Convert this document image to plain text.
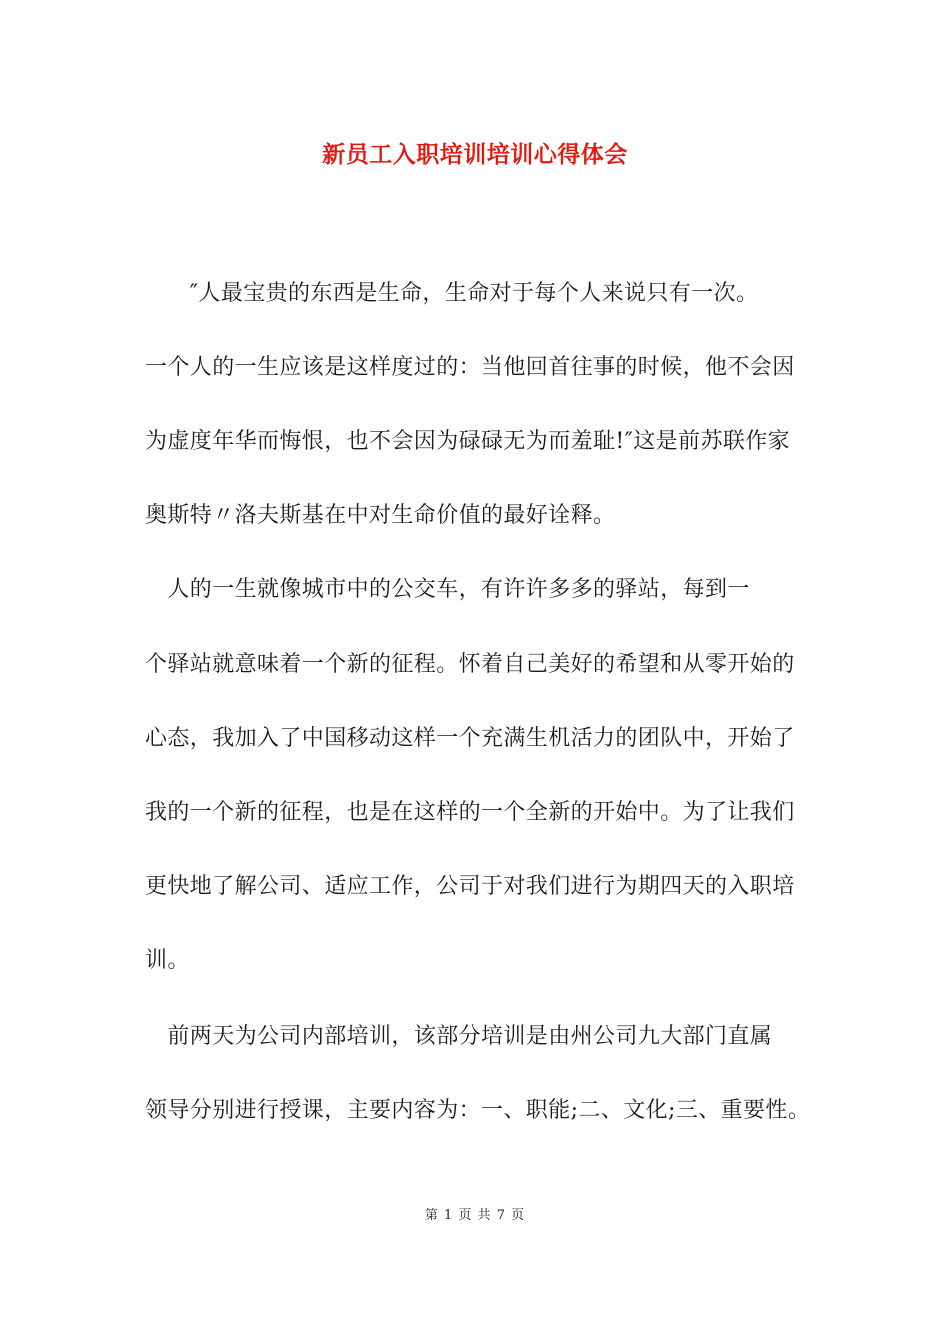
新员工入职培训培训心得体会
　　″人最宝贵的东西是生命，生命对于每个人来说只有一次。
一个人的一生应该是这样度过的：当他回首往事的时候，他不会因
为虚度年华而悔恨，也不会因为碌碌无为而羞耻!″这是前苏联作家
奥斯特〃洛夫斯基在中对生命价值的最好诠释。
　人的一生就像城市中的公交车，有许许多多的驿站，每到一
个驿站就意味着一个新的征程。怀着自己美好的希望和从零开始的
心态，我加入了中国移动这样一个充满生机活力的团队中，开始了
我的一个新的征程，也是在这样的一个全新的开始中。为了让我们
更快地了解公司、适应工作，公司于对我们进行为期四天的入职培
训。
　前两天为公司内部培训，该部分培训是由州公司九大部门直属
领导分别进行授课，主要内容为：一、职能;二、文化;三、重要性。
第 1 页 共 7 页
